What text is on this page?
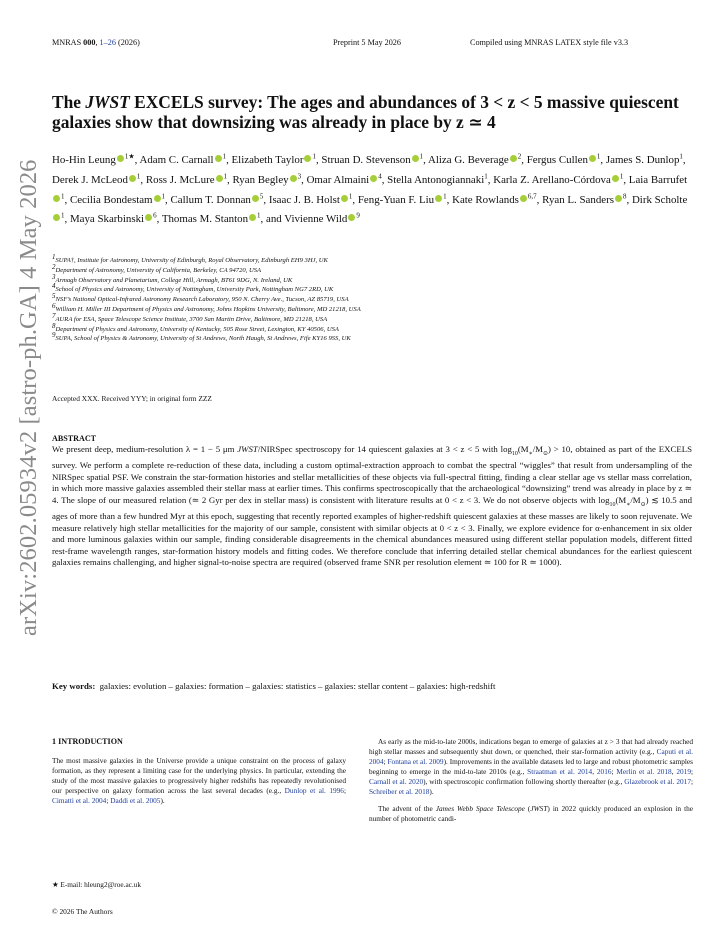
MNRAS 000, 1–26 (2026)	Preprint 5 May 2026	Compiled using MNRAS LATEX style file v3.3
arXiv:2602.05934v2 [astro-ph.GA] 4 May 2026
The JWST EXCELS survey: The ages and abundances of 3 < z < 5 massive quiescent galaxies show that downsizing was already in place by z ≃ 4
Ho-Hin Leung $^{1★}$, Adam C. Carnall $^1$, Elizabeth Taylor $^1$, Struan D. Stevenson $^1$, Aliza G. Beverage $^2$, Fergus Cullen $^1$, James S. Dunlop$^1$, Derek J. McLeod $^1$, Ross J. McLure $^1$, Ryan Begley $^3$, Omar Almaini $^4$, Stella Antonogiannaki$^1$, Karla Z. Arellano-Córdova $^1$, Laia Barrufet$^1$, Cecilia Bondestam $^1$, Callum T. Donnan $^5$, Isaac J. B. Holst $^1$, Feng-Yuan F. Liu $^1$, Kate Rowlands $^{6,7}$, Ryan L. Sanders $^8$, Dirk Scholte$^1$, Maya Skarbinski $^6$, Thomas M. Stanton $^1$, and Vivienne Wild $^9$
$^1$SUPA†, Institute for Astronomy, University of Edinburgh, Royal Observatory, Edinburgh EH9 3HJ, UK
$^2$Department of Astronomy, University of California, Berkeley, CA 94720, USA
$^3$Armagh Observatory and Planetarium, College Hill, Armagh, BT61 9DG, N. Ireland, UK
$^4$School of Physics and Astronomy, University of Nottingham, University Park, Nottingham NG7 2RD, UK
$^5$NSF’s National Optical-Infrared Astronomy Research Laboratory, 950 N. Cherry Ave., Tucson, AZ 85719, USA
$^6$William H. Miller III Department of Physics and Astronomy, Johns Hopkins University, Baltimore, MD 21218, USA
$^7$AURA for ESA, Space Telescope Science Institute, 3700 San Martin Drive, Baltimore, MD 21218, USA
$^8$Department of Physics and Astronomy, University of Kentucky, 505 Rose Street, Lexington, KY 40506, USA
$^9$SUPA, School of Physics & Astronomy, University of St Andrews, North Haugh, St Andrews, Fife KY16 9SS, UK
Accepted XXX. Received YYY; in original form ZZZ
ABSTRACT
We present deep, medium-resolution λ = 1 − 5 μm JWST/NIRSpec spectroscopy for 14 quiescent galaxies at 3 < z < 5 with $\log_{10}(M_∗/M_⊙) > 10$, obtained as part of the EXCELS survey. We perform a complete re-reduction of these data, including a custom optimal-extraction approach to combat the spectral “wiggles” that result from undersampling of the NIRSpec spatial PSF. We constrain the star-formation histories and stellar metallicities of these objects via full-spectral fitting, finding a clear stellar age vs stellar mass correlation, in which more massive galaxies assembled their stellar mass at earlier times. This confirms spectroscopically that the archaeological “downsizing” trend was already in place by z ≃ 4. The slope of our measured relation (≃ 2 Gyr per dex in stellar mass) is consistent with literature results at 0 < z < 3. We do not observe objects with $\log_{10}(M_∗/M_⊙)$ ≲ 10.5 and ages of more than a few hundred Myr at this epoch, suggesting that recently reported examples of higher-redshift quiescent galaxies at these masses are likely to soon rejuvenate. We measure relatively high stellar metallicities for the majority of our sample, consistent with similar objects at 0 < z < 3. Finally, we explore evidence for α-enhancement in six older and more luminous galaxies within our sample, finding considerable disagreements in the chemical abundances measured using different stellar population models, different fitted rest-frame wavelength ranges, star-formation history models and fitting codes. We therefore conclude that inferring detailed stellar chemical abundances for the earliest quiescent galaxies remains challenging, and higher signal-to-noise spectra are required (observed frame SNR per resolution element ≃ 100 for R ≃ 1000).
Key words: galaxies: evolution – galaxies: formation – galaxies: statistics – galaxies: stellar content – galaxies: high-redshift
1 INTRODUCTION
The most massive galaxies in the Universe provide a unique constraint on the process of galaxy formation, as they represent a limiting case for the underlying physics. In particular, extending the study of the most massive galaxies to progressively higher redshifts has repeatedly revolutionised our perspective on galaxy formation across the last several decades (e.g., Dunlop et al. 1996; Cimatti et al. 2004; Daddi et al. 2005).

As early as the mid-to-late 2000s, indications began to emerge of galaxies at z > 3 that had already reached high stellar masses and subsequently shut down, or quenched, their star-formation activity (e.g., Caputi et al. 2004; Fontana et al. 2009). Improvements in the available datasets led to large and robust photometric samples beginning to emerge in the mid-to-late 2010s (e.g., Straatman et al. 2014, 2016; Merlin et al. 2018, 2019; Carnall et al. 2020), with spectroscopic confirmation following shortly thereafter (e.g., Glazebrook et al. 2017; Schreiber et al. 2018).

The advent of the James Webb Space Telescope (JWST) in 2022 quickly produced an explosion in the number of photometric candi-

★ E-mail: hleung2@roe.ac.uk
© 2026 The Authors
